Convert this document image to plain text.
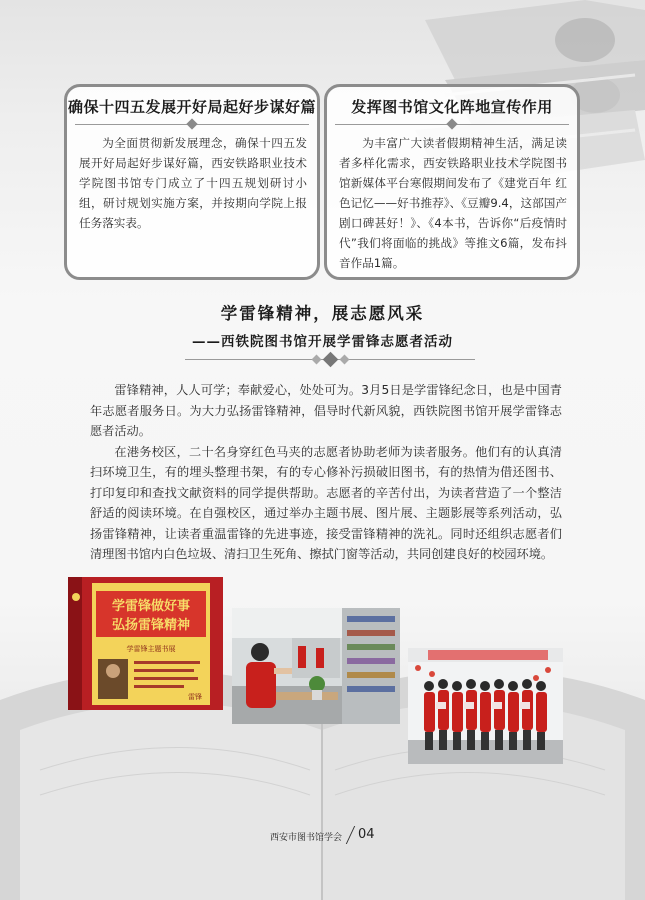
确保十四五发展开好局起好步谋好篇

为全面贯彻新发展理念，确保十四五发展开好局起好步谋好篇，西安铁路职业技术学院图书馆专门成立了十四五规划研讨小组，研讨规划实施方案，并按期向学院上报任务落实表。

发挥图书馆文化阵地宣传作用

为丰富广大读者假期精神生活，满足读者多样化需求，西安铁路职业技术学院图书馆新媒体平台寒假期间发布了《建党百年 红色记忆——好书推荐》、《豆瓣9.4，这部国产剧口碑甚好！》、《4本书，告诉你“后疫情时代”我们将面临的挑战》等推文6篇，发布抖音作品1篇。

学雷锋精神，展志愿风采
——西铁院图书馆开展学雷锋志愿者活动

雷锋精神，人人可学；奉献爱心，处处可为。3月5日是学雷锋纪念日，也是中国青年志愿者服务日。为大力弘扬雷锋精神，倡导时代新风貌，西铁院图书馆开展学雷锋志愿者活动。

在港务校区，二十名身穿红色马夹的志愿者协助老师为读者服务。他们有的认真清扫环境卫生，有的埋头整理书架，有的专心修补污损破旧图书，有的热情为借还图书、打印复印和查找文献资料的同学提供帮助。志愿者的辛苦付出，为读者营造了一个整洁舒适的阅读环境。在自强校区，通过举办主题书展、图片展、主题影展等系列活动，弘扬雷锋精神，让读者重温雷锋的先进事迹，接受雷锋精神的洗礼。同时还组织志愿者们清理图书馆内白色垃圾、清扫卫生死角、擦拭门窗等活动，共同创建良好的校园环境。

学雷锋做好事
弘扬雷锋精神
学雷锋主题书展
雷锋
西安市图书馆学会 04
